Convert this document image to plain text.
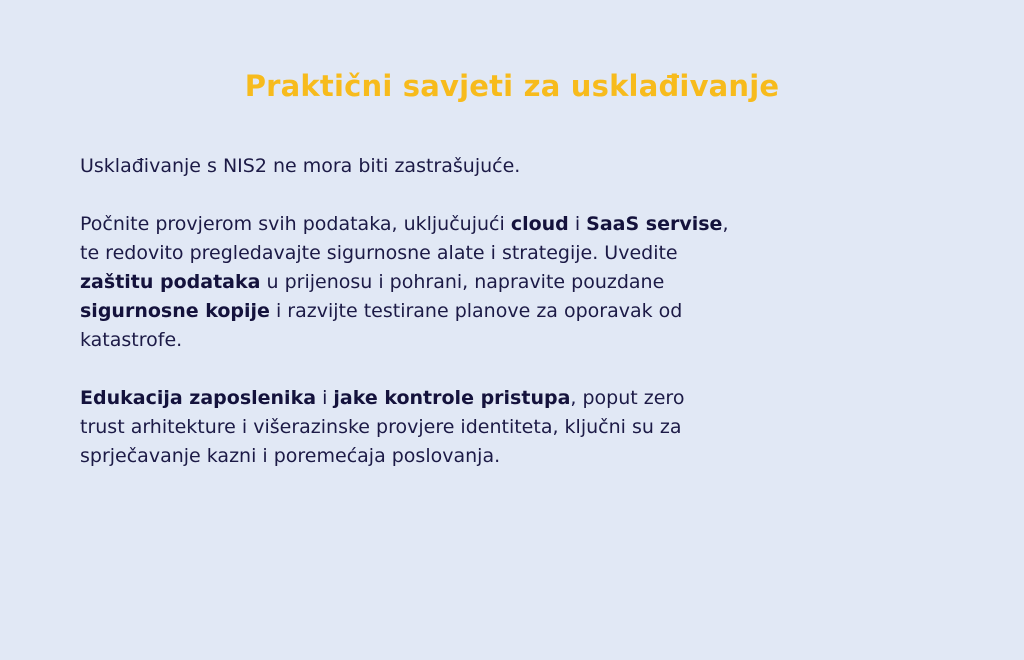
Praktični savjeti za usklađivanje

Usklađivanje s NIS2 ne mora biti zastrašujuće.

Počnite provjerom svih podataka, uključujući cloud i SaaS servise, te redovito pregledavajte sigurnosne alate i strategije. Uvedite zaštitu podataka u prijenosu i pohrani, napravite pouzdane sigurnosne kopije i razvijte testirane planove za oporavak od katastrofe.

Edukacija zaposlenika i jake kontrole pristupa, poput zero trust arhitekture i višerazinske provjere identiteta, ključni su za sprječavanje kazni i poremećaja poslovanja.
